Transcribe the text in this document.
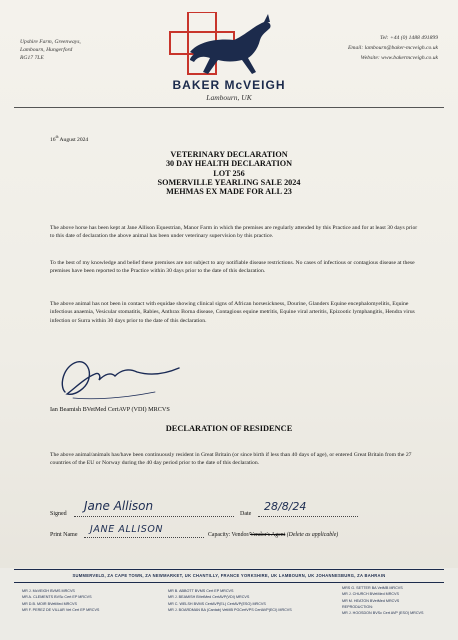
Upshire Farm, Greenways,
Lambourn, Hungerford
RG17 7LE
BAKER McVEIGH
Lambourn, UK
Tel: +44 (0) 1488 491899
Email: lambourn@baker-mcveigh.co.uk
Website: www.bakermcveigh.co.uk
16th August 2024
VETERINARY DECLARATION
30 DAY HEALTH DECLARATION
LOT 256
SOMERVILLE YEARLING SALE 2024
MEHMAS EX MADE FOR ALL 23
The above horse has been kept at Jane Allison Equestrian, Manor Farm in which the premises are regularly attended by this Practice and for at least 30 days prior to this date of declaration the above animal has been under veterinary supervision by this practice.
To the best of my knowledge and belief these premises are not subject to any notifiable disease restrictions. No cases of infectious or contagious disease at these premises have been reported to the Practice within 30 days prior to the date of this declaration.
The above animal has not been in contact with equidae showing clinical signs of African horsesickness, Dourine, Glanders Equine encephalomyelitis, Equine infectious anaemia, Vesicular stomatitis, Rabies, Anthrax Borna disease, Contagious equine metritis, Equine viral arteritis, Epizootic lymphangitis, Hendra virus infection or Surra within 30 days prior to the date of this declaration.
Ian Beamish BVetMed CertAVP (VDI) MRCVS
DECLARATION OF RESIDENCE
The above animal/animals has/have been continuously resident in Great Britain (or since birth if less than 40 days of age), or entered Great Britain from the 27 countries of the EU or Norway during the 40 day period prior to the date of this declaration.
Signed
Jane Allison
Date
28/8/24
Print Name JANE ALLISON	Capacity: Vendor/Vendor's Agent (Delete as applicable)
SUMMERVELD, ZA CAPE TOWN, ZA NEWMARKET, UK CHANTILLY, FRANCE YORKSHIRE, UK LAMBOURN, UK JOHANNESBURG, ZA BAHRAIN
MR J. McVEIGH BVMS MRCVS
MR A. CLEMENTS BVSc Cert EP MRCVS
MR D.B. MOIR BVetMed MRCVS
MR F. PEREZ DE VILLAR Vet Cert EP MRCVS
MR B. ABBOTT BVMS Cert EP MRCVS
MR J. BEAMISH BVetMed CertAVP(VDI) MRCVS
MR C. WELSH BVMS CertAVP(EL) CertAVP(ESO) MRCVS
MR J. BOARDMAN BA (Cantab) VetMB PGCertVPS CertAVP(ECI) MRCVS
MRS G. SETTER BA VetMB MRCVS
MR J. CHURCH BVetMed MRCVS
MR M. HEATON BVetMed MRCVS
REPRODUCTION:
MR J. HOOSDON BVSc Cert AVP (ESO) MRCVS
